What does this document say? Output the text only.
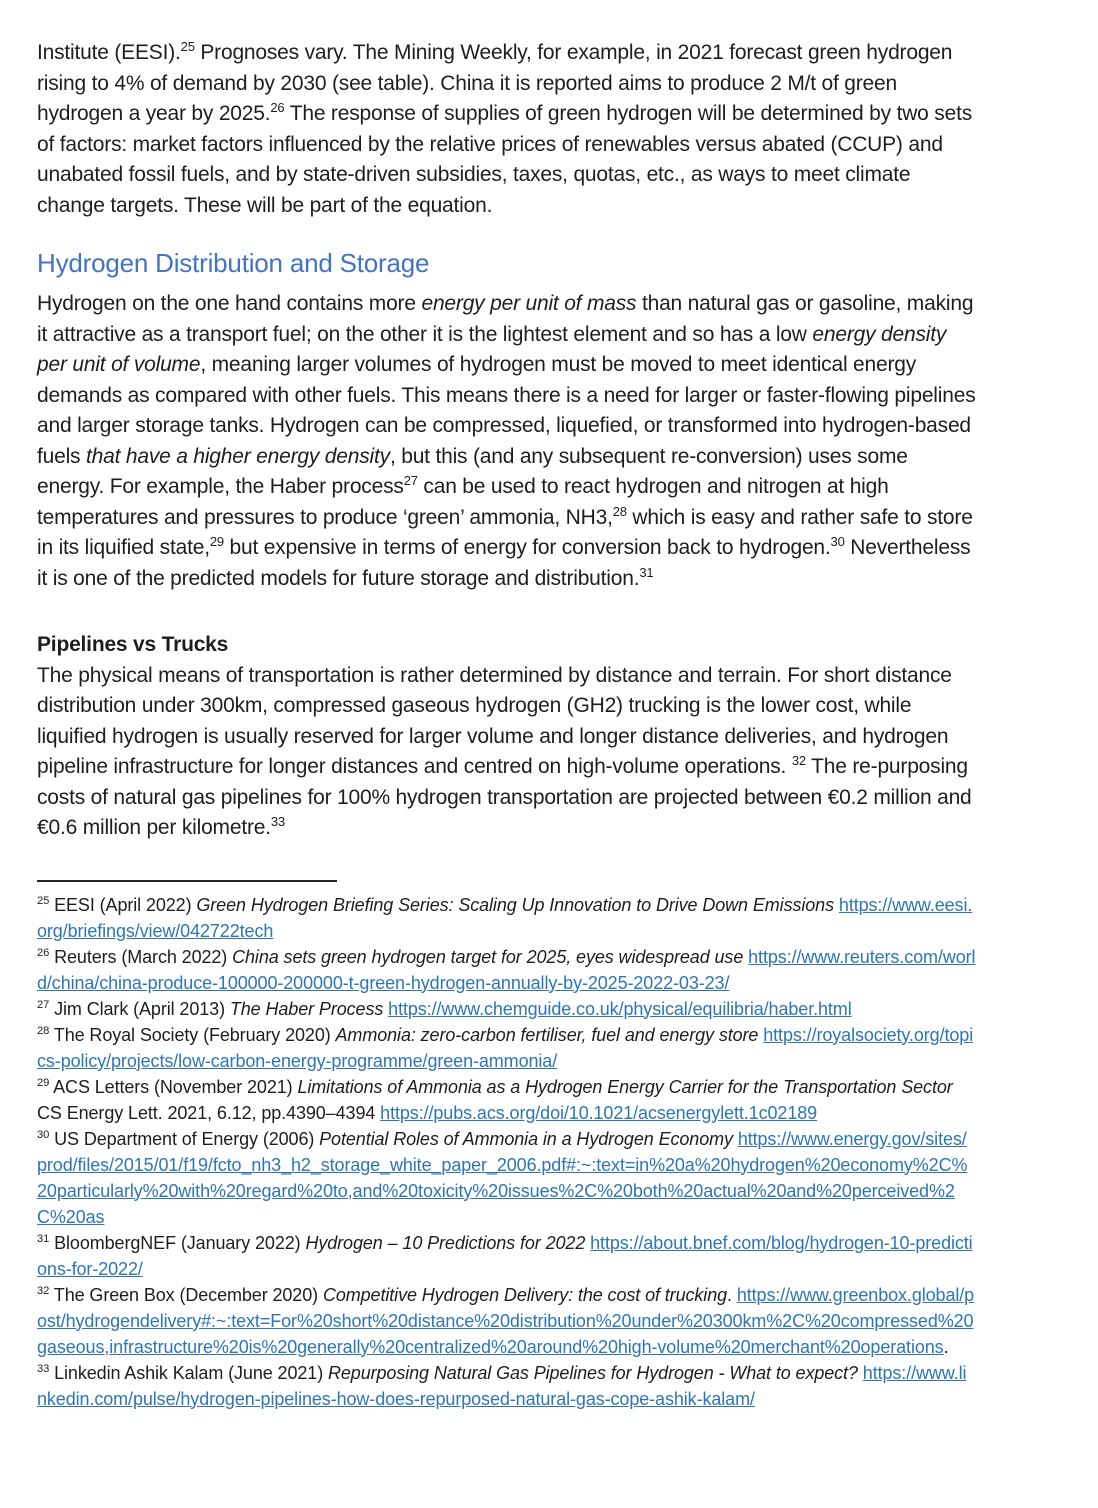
Institute (EESI).$^{25}$ Prognoses vary. The Mining Weekly, for example, in 2021 forecast green hydrogen rising to 4% of demand by 2030 (see table). China it is reported aims to produce 2 M/t of green hydrogen a year by 2025.26 The response of supplies of green hydrogen will be determined by two sets of factors: market factors influenced by the relative prices of renewables versus abated (CCUP) and unabated fossil fuels, and by state-driven subsidies, taxes, quotas, etc., as ways to meet climate change targets. These will be part of the equation.

Hydrogen Distribution and Storage

Hydrogen on the one hand contains more energy per unit of mass than natural gas or gasoline, making it attractive as a transport fuel; on the other it is the lightest element and so has a low energy density per unit of volume, meaning larger volumes of hydrogen must be moved to meet identical energy demands as compared with other fuels. This means there is a need for larger or faster-flowing pipelines and larger storage tanks. Hydrogen can be compressed, liquefied, or transformed into hydrogen-based fuels that have a higher energy density, but this (and any subsequent re-conversion) uses some energy. For example, the Haber process$^{27}$ can be used to react hydrogen and nitrogen at high temperatures and pressures to produce ‘green’ ammonia, NH3,28 which is easy and rather safe to store in its liquified state,$^{29}$ but expensive in terms of energy for conversion back to hydrogen.$^{30}$ Nevertheless it is one of the predicted models for future storage and distribution.$^{31}$

Pipelines vs Trucks

The physical means of transportation is rather determined by distance and terrain. For short distance distribution under 300km, compressed gaseous hydrogen (GH2) trucking is the lower cost, while liquified hydrogen is usually reserved for larger volume and longer distance deliveries, and hydrogen pipeline infrastructure for longer distances and centred on high-volume operations. $^{32}$ The re-purposing costs of natural gas pipelines for 100% hydrogen transportation are projected between €0.2 million and €0.6 million per kilometre.$^{33}$

$^{25}$ EESI (April 2022) Green Hydrogen Briefing Series: Scaling Up Innovation to Drive Down Emissions https://www.eesi.org/briefings/view/042722tech
$^{26}$ Reuters (March 2022) China sets green hydrogen target for 2025, eyes widespread use https://www.reuters.com/world/china/china-produce-100000-200000-t-green-hydrogen-annually-by-2025-2022-03-23/
$^{27}$ Jim Clark (April 2013) The Haber Process https://www.chemguide.co.uk/physical/equilibria/haber.html
$^{28}$ The Royal Society (February 2020) Ammonia: zero-carbon fertiliser, fuel and energy store https://royalsociety.org/topics-policy/projects/low-carbon-energy-programme/green-ammonia/
$^{29}$ ACS Letters (November 2021) Limitations of Ammonia as a Hydrogen Energy Carrier for the Transportation Sector CS Energy Lett. 2021, 6.12, pp.4390–4394 https://pubs.acs.org/doi/10.1021/acsenergylett.1c02189
$^{30}$ US Department of Energy (2006) Potential Roles of Ammonia in a Hydrogen Economy https://www.energy.gov/sites/prod/files/2015/01/f19/fcto_nh3_h2_storage_white_paper_2006.pdf#:~:text=in%20a%20hydrogen%20economy%2C%20particularly%20with%20regard%20to,and%20toxicity%20issues%2C%20both%20actual%20and%20perceived%2C%20as
$^{31}$ BloombergNEF (January 2022) Hydrogen – 10 Predictions for 2022 https://about.bnef.com/blog/hydrogen-10-predictions-for-2022/
$^{32}$ The Green Box (December 2020) Competitive Hydrogen Delivery: the cost of trucking. https://www.greenbox.global/post/hydrogendelivery#:~:text=For%20short%20distance%20distribution%20under%20300km%2C%20compressed%20gaseous,infrastructure%20is%20generally%20centralized%20around%20high-volume%20merchant%20operations.
$^{33}$ Linkedin Ashik Kalam (June 2021) Repurposing Natural Gas Pipelines for Hydrogen - What to expect? https://www.linkedin.com/pulse/hydrogen-pipelines-how-does-repurposed-natural-gas-cope-ashik-kalam/
